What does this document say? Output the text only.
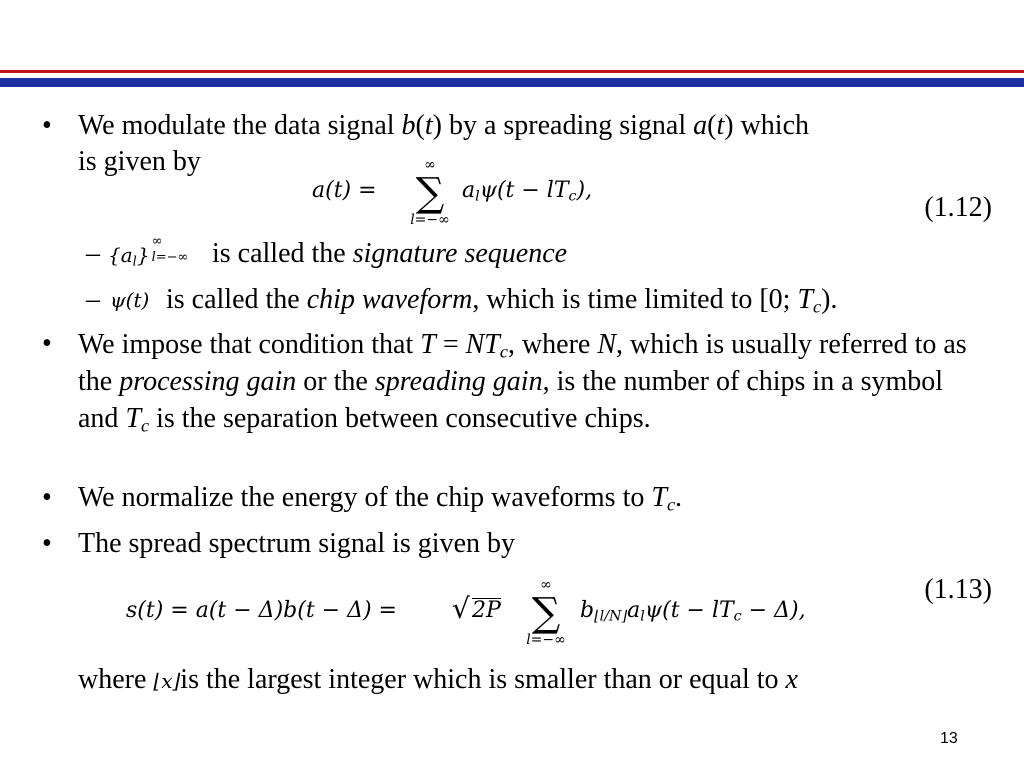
• We modulate the data signal b(t) by a spreading signal a(t) which
is given by
a(t) =
∞
∑
l=−∞
$a_l\psi(t - lT_c)$,
(1.12)
– $\{a_l\}$
∞
l=−∞ is called the signature sequence
– ψ(t) is called the chip waveform, which is time limited to [0; $T_c$).
• We impose that condition that $T = NT_c$, where N, which is usually referred to as the processing gain or the spreading gain, is the number of chips in a symbol and $T_c$ is the separation between consecutive chips.
• We normalize the energy of the chip waveforms to $T_c$.
• The spread spectrum signal is given by
(1.13)
s(t) = a(t − Δ)b(t − Δ) = √ 2P
∞
∑
l=−∞
$b_{⌊l/N⌋}a_l\psi(t - lT_c - \Delta)$,
where ⌊x⌋is the largest integer which is smaller than or equal to x
13
